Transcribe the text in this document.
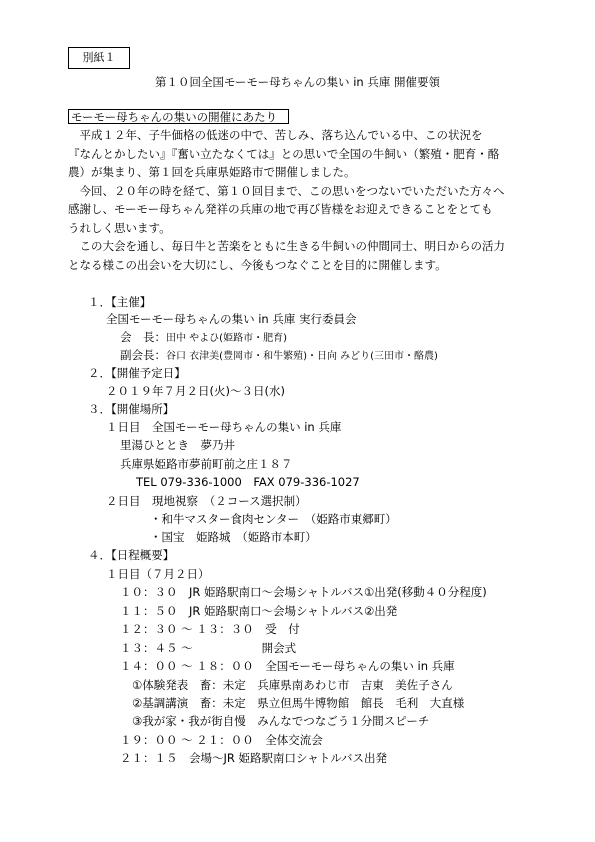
別紙１
第１０回全国モーモー母ちゃんの集い in 兵庫 開催要領
モーモー母ちゃんの集いの開催にあたり

　平成１２年、子牛価格の低迷の中で、苦しみ、落ち込んでいる中、この状況を

『なんとかしたい』『奮い立たなくては』との思いで全国の牛飼い（繁殖・肥育・酪

農）が集まり、第１回を兵庫県姫路市で開催しました。

　今回、２０年の時を経て、第１０回目まで、この思いをつないでいただいた方々へ

感謝し、モーモー母ちゃん発祥の兵庫の地で再び皆様をお迎えできることをとても

うれしく思います。

　この大会を通し、毎日牛と苦楽をともに生きる牛飼いの仲間同士、明日からの活力

となる様この出会いを大切にし、今後もつなぐことを目的に開催します。

１．【主催】
全国モーモー母ちゃんの集い in 兵庫 実行委員会
会　長：田中 やよひ(姫路市・肥育)
副会長：谷口 衣津美(豊岡市・和牛繁殖)・日向 みどり(三田市・酪農)
２．【開催予定日】
２０１９年７月２日(火)～３日(水)
３．【開催場所】
１日目　全国モーモー母ちゃんの集い in 兵庫
里湯ひととき　夢乃井
兵庫県姫路市夢前町前之庄１８７
TEL 079-336-1000　FAX 079-336-1027
２日目　現地視察　（２コース選択制）
・和牛マスター食肉センター　（姫路市東郷町）
・国宝　姫路城　（姫路市本町）
４．【日程概要】
１日目（７月２日）
１０：３０　JR 姫路駅南口～会場シャトルバス①出発(移動４０分程度)
１１：５０　JR 姫路駅南口～会場シャトルバス②出発
１２：３０ ～ １３：３０　受　付
１３：４５ ～　　　　　　開会式
１４：００ ～ １８：００　全国モーモー母ちゃんの集い in 兵庫
①体験発表　畜：未定　兵庫県南あわじ市　吉東　美佐子さん
②基調講演　畜：未定　県立但馬牛博物館　館長　毛利　大直様
③我が家・我が街自慢　みんなでつなごう１分間スピーチ
１９：００ ～ ２１：００　全体交流会
２１：１５　会場～JR 姫路駅南口シャトルバス出発
